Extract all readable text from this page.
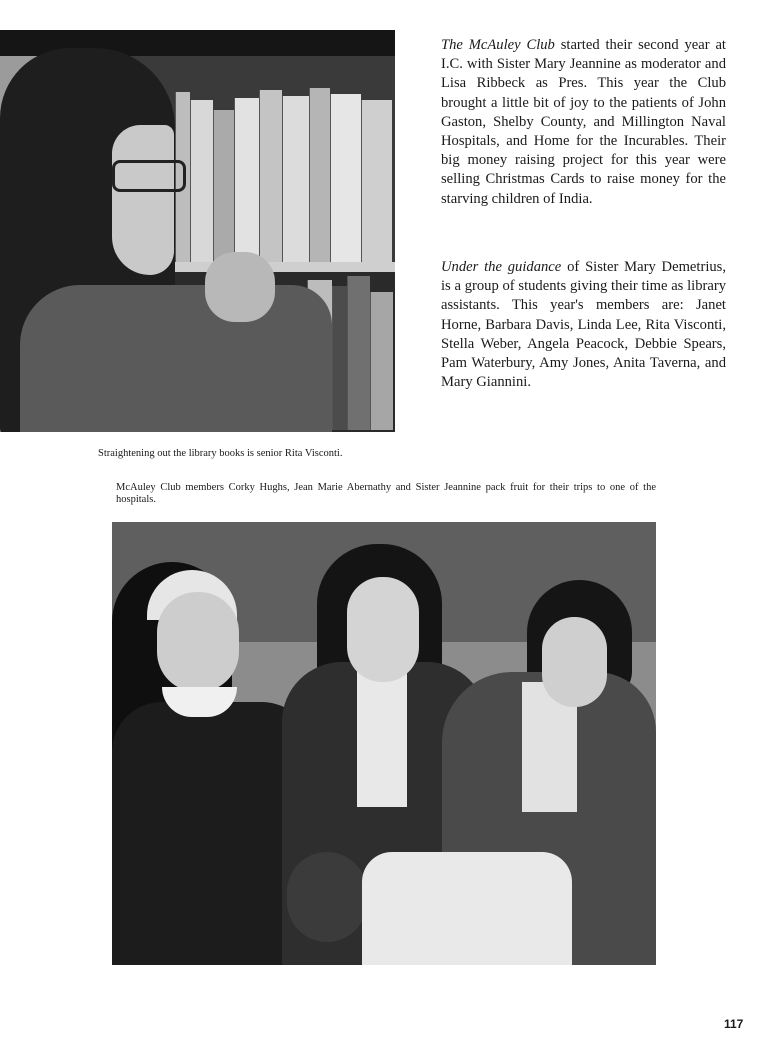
The McAuley Club started their second year at I.C. with Sister Mary Jeannine as moderator and Lisa Ribbeck as Pres. This year the Club brought a little bit of joy to the patients of John Gaston, Shelby County, and Millington Naval Hospitals, and Home for the Incurables. Their big money raising project for this year were selling Christmas Cards to raise money for the starving children of India.

Under the guidance of Sister Mary Demetrius, is a group of students giving their time as library assistants. This year's members are: Janet Horne, Barbara Davis, Linda Lee, Rita Visconti, Stella Weber, Angela Peacock, Debbie Spears, Pam Waterbury, Amy Jones, Anita Taverna, and Mary Giannini.

Straightening out the library books is senior Rita Visconti.

McAuley Club members Corky Hughs, Jean Marie Abernathy and Sister Jeannine pack fruit for their trips to one of the hospitals.

117
